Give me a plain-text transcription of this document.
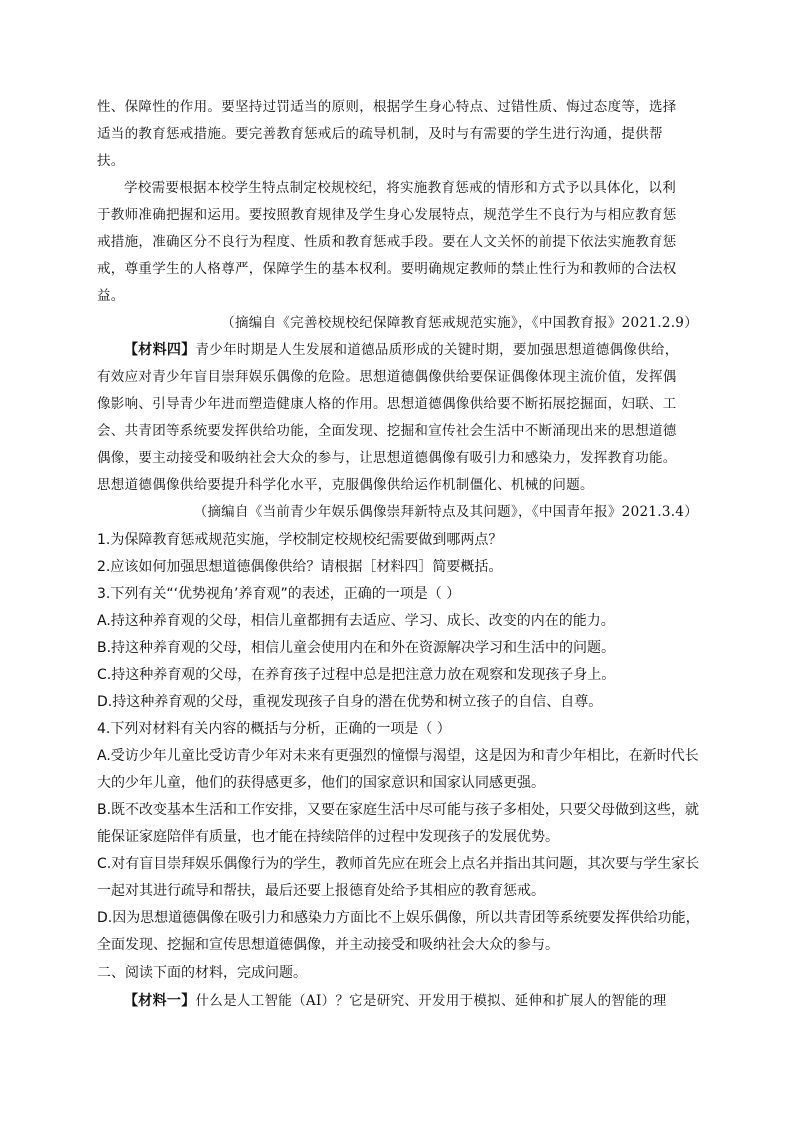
性、保障性的作用。要坚持过罚适当的原则，根据学生身心特点、过错性质、悔过态度等，选择
适当的教育惩戒措施。要完善教育惩戒后的疏导机制，及时与有需要的学生进行沟通，提供帮
扶。
学校需要根据本校学生特点制定校规校纪，将实施教育惩戒的情形和方式予以具体化，以利
于教师准确把握和运用。要按照教育规律及学生身心发展特点，规范学生不良行为与相应教育惩
戒措施，准确区分不良行为程度、性质和教育惩戒手段。要在人文关怀的前提下依法实施教育惩
戒，尊重学生的人格尊严，保障学生的基本权利。要明确规定教师的禁止性行为和教师的合法权
益。
（摘编自《完善校规校纪保障教育惩戒规范实施》，《中国教育报》2021.2.9）
【材料四】青少年时期是人生发展和道德品质形成的关键时期，要加强思想道德偶像供给，
有效应对青少年盲目崇拜娱乐偶像的危险。思想道德偶像供给要保证偶像体现主流价值，发挥偶
像影响、引导青少年进而塑造健康人格的作用。思想道德偶像供给要不断拓展挖掘面，妇联、工
会、共青团等系统要发挥供给功能，全面发现、挖掘和宣传社会生活中不断涌现出来的思想道德
偶像，要主动接受和吸纳社会大众的参与，让思想道德偶像有吸引力和感染力，发挥教育功能。
思想道德偶像供给要提升科学化水平，克服偶像供给运作机制僵化、机械的问题。
（摘编自《当前青少年娱乐偶像崇拜新特点及其问题》，《中国青年报》2021.3.4）
1.为保障教育惩戒规范实施，学校制定校规校纪需要做到哪两点？
2.应该如何加强思想道德偶像供给？请根据［材料四］简要概括。
3.下列有关“‘优势视角’养育观”的表述，正确的一项是（ ）
A.持这种养育观的父母，相信儿童都拥有去适应、学习、成长、改变的内在的能力。
B.持这种养育观的父母，相信儿童会使用内在和外在资源解决学习和生活中的问题。
C.持这种养育观的父母，在养育孩子过程中总是把注意力放在观察和发现孩子身上。
D.持这种养育观的父母，重视发现孩子自身的潜在优势和树立孩子的自信、自尊。
4.下列对材料有关内容的概括与分析，正确的一项是（ ）
A.受访少年儿童比受访青少年对未来有更强烈的憧憬与渴望，这是因为和青少年相比，在新时代长
大的少年儿童，他们的获得感更多，他们的国家意识和国家认同感更强。
B.既不改变基本生活和工作安排，又要在家庭生活中尽可能与孩子多相处，只要父母做到这些，就
能保证家庭陪伴有质量，也才能在持续陪伴的过程中发现孩子的发展优势。
C.对有盲目崇拜娱乐偶像行为的学生，教师首先应在班会上点名并指出其问题，其次要与学生家长
一起对其进行疏导和帮扶，最后还要上报德育处给予其相应的教育惩戒。
D.因为思想道德偶像在吸引力和感染力方面比不上娱乐偶像，所以共青团等系统要发挥供给功能，
全面发现、挖掘和宣传思想道德偶像，并主动接受和吸纳社会大众的参与。
二、阅读下面的材料，完成问题。
【材料一】什么是人工智能（AI）？它是研究、开发用于模拟、延伸和扩展人的智能的理
